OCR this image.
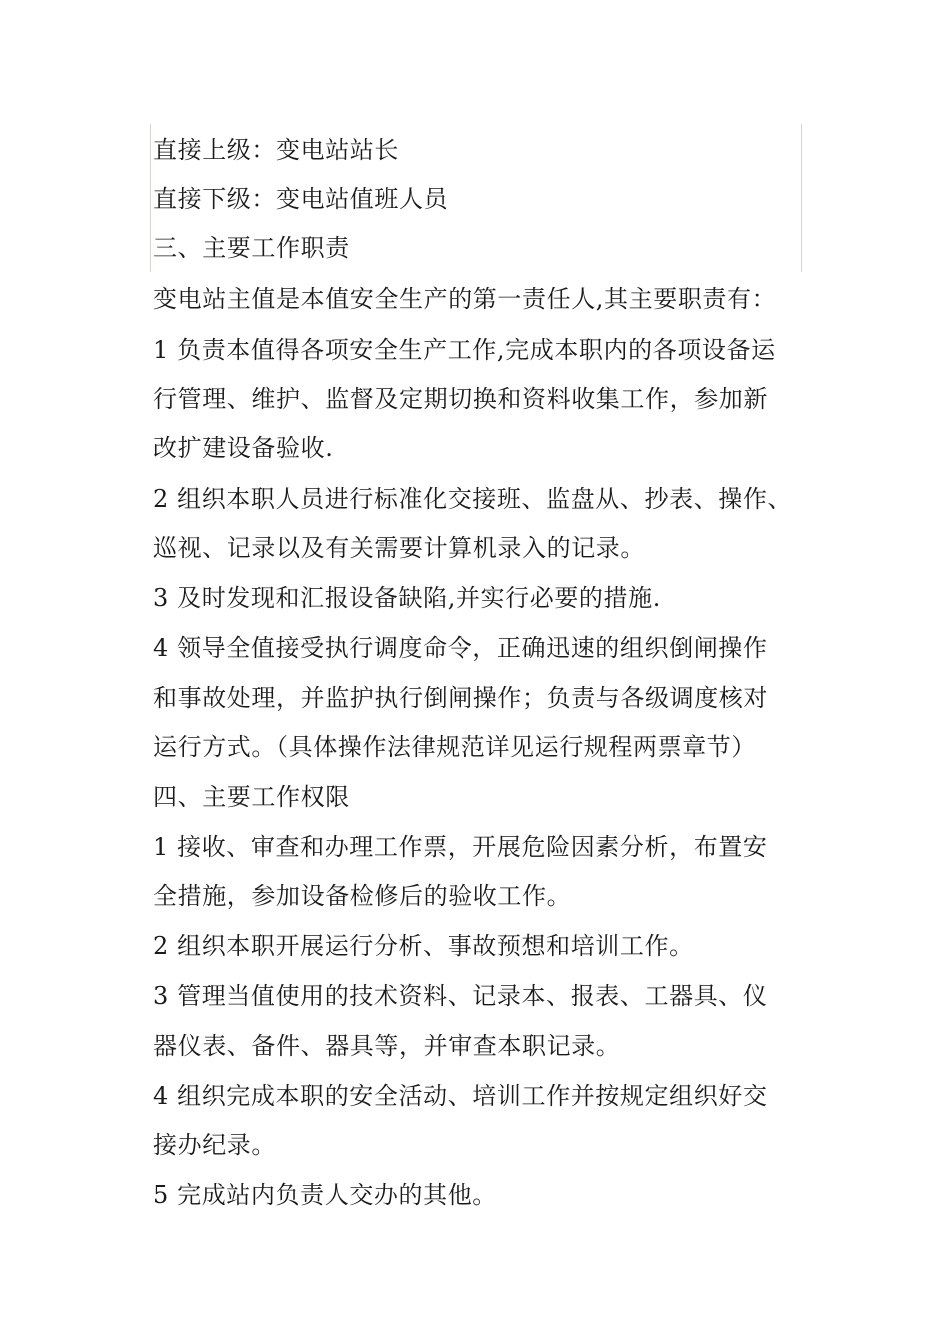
直接上级：变电站站长
直接下级：变电站值班人员
三、主要工作职责
变电站主值是本值安全生产的第一责任人,其主要职责有：
1 负责本值得各项安全生产工作,完成本职内的各项设备运
行管理、维护、监督及定期切换和资料收集工作，参加新
改扩建设备验收.
2 组织本职人员进行标准化交接班、监盘从、抄表、操作、
巡视、记录以及有关需要计算机录入的记录。
3 及时发现和汇报设备缺陷,并实行必要的措施.
4 领导全值接受执行调度命令，正确迅速的组织倒闸操作
和事故处理，并监护执行倒闸操作；负责与各级调度核对
运行方式。（具体操作法律规范详见运行规程两票章节）
四、主要工作权限
1 接收、审查和办理工作票，开展危险因素分析，布置安
全措施，参加设备检修后的验收工作。
2 组织本职开展运行分析、事故预想和培训工作。
3 管理当值使用的技术资料、记录本、报表、工器具、仪
器仪表、备件、器具等，并审查本职记录。
4 组织完成本职的安全活动、培训工作并按规定组织好交
接办纪录。
5 完成站内负责人交办的其他。
